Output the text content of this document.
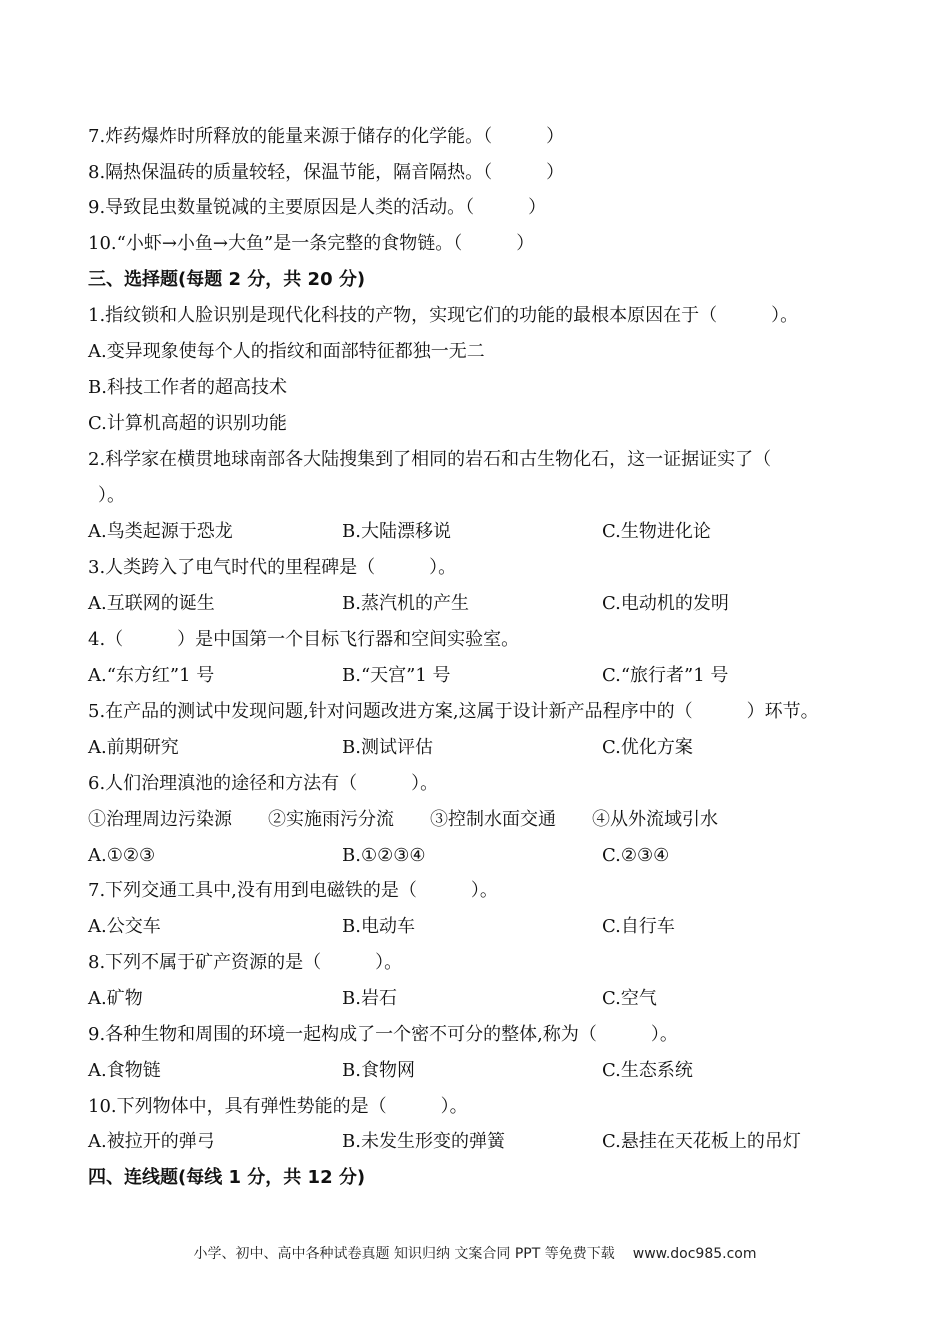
7.炸药爆炸时所释放的能量来源于储存的化学能。（　　　）
8.隔热保温砖的质量较轻，保温节能，隔音隔热。（　　　）
9.导致昆虫数量锐减的主要原因是人类的活动。（　　　）
10.“小虾→小鱼→大鱼”是一条完整的食物链。（　　　）
三、选择题(每题 2 分，共 20 分)
1.指纹锁和人脸识别是现代化科技的产物，实现它们的功能的最根本原因在于（　　　）。
A.变异现象使每个人的指纹和面部特征都独一无二
B.科技工作者的超高技术
C.计算机高超的识别功能
2.科学家在横贯地球南部各大陆搜集到了相同的岩石和古生物化石，这一证据证实了（
）。
A.鸟类起源于恐龙	B.大陆漂移说	C.生物进化论
3.人类跨入了电气时代的里程碑是（　　　）。
A.互联网的诞生	B.蒸汽机的产生	C.电动机的发明
4.（　　　）是中国第一个目标飞行器和空间实验室。
A.“东方红”1 号	B.“天宫”1 号	C.“旅行者”1 号
5.在产品的测试中发现问题,针对问题改进方案,这属于设计新产品程序中的（　　　）环节。
A.前期研究	B.测试评估	C.优化方案
6.人们治理滇池的途径和方法有（　　　）。
①治理周边污染源 ②实施雨污分流 ③控制水面交通 ④从外流域引水
A.①②③	B.①②③④	C.②③④
7.下列交通工具中,没有用到电磁铁的是（　　　）。
A.公交车	B.电动车	C.自行车
8.下列不属于矿产资源的是（　　　）。
A.矿物	B.岩石	C.空气
9.各种生物和周围的环境一起构成了一个密不可分的整体,称为（　　　）。
A.食物链	B.食物网	C.生态系统
10.下列物体中，具有弹性势能的是（　　　）。
A.被拉开的弹弓	B.未发生形变的弹簧	C.悬挂在天花板上的吊灯
四、连线题(每线 1 分，共 12 分)
小学、初中、高中各种试卷真题 知识归纳 文案合同 PPT 等免费下载 www.doc985.com
